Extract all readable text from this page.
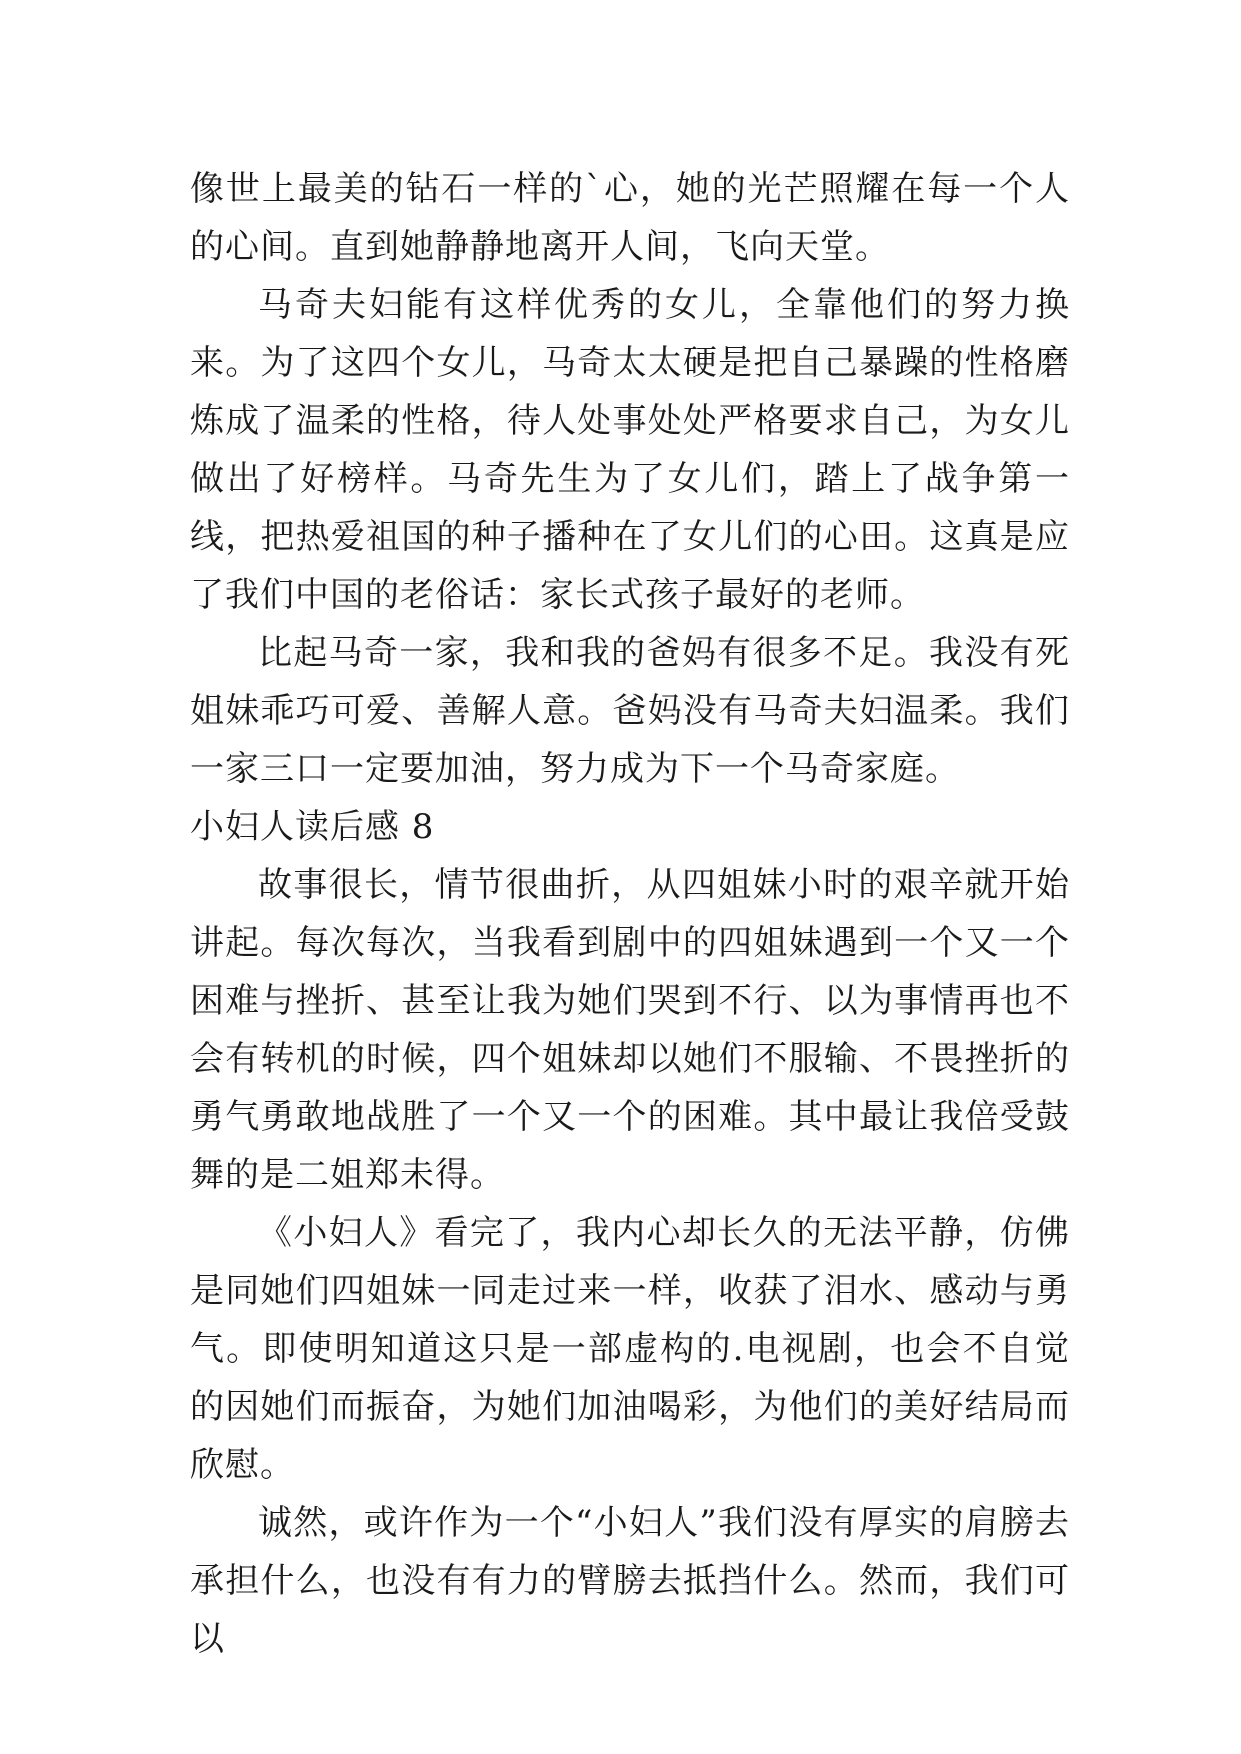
像世上最美的钻石一样的`心，她的光芒照耀在每一个人的心间。直到她静静地离开人间，飞向天堂。

马奇夫妇能有这样优秀的女儿，全靠他们的努力换来。为了这四个女儿，马奇太太硬是把自己暴躁的性格磨炼成了温柔的性格，待人处事处处严格要求自己，为女儿做出了好榜样。马奇先生为了女儿们，踏上了战争第一线，把热爱祖国的种子播种在了女儿们的心田。这真是应了我们中国的老俗话：家长式孩子最好的老师。

比起马奇一家，我和我的爸妈有很多不足。我没有死姐妹乖巧可爱、善解人意。爸妈没有马奇夫妇温柔。我们一家三口一定要加油，努力成为下一个马奇家庭。

小妇人读后感 8

故事很长，情节很曲折，从四姐妹小时的艰辛就开始讲起。每次每次，当我看到剧中的四姐妹遇到一个又一个困难与挫折、甚至让我为她们哭到不行、以为事情再也不会有转机的时候，四个姐妹却以她们不服输、不畏挫折的勇气勇敢地战胜了一个又一个的困难。其中最让我倍受鼓舞的是二姐郑未得。

《小妇人》看完了，我内心却长久的无法平静，仿佛是同她们四姐妹一同走过来一样，收获了泪水、感动与勇气。即使明知道这只是一部虚构的.电视剧，也会不自觉的因她们而振奋，为她们加油喝彩，为他们的美好结局而欣慰。

诚然，或许作为一个“小妇人”我们没有厚实的肩膀去承担什么，也没有有力的臂膀去抵挡什么。然而，我们可以
